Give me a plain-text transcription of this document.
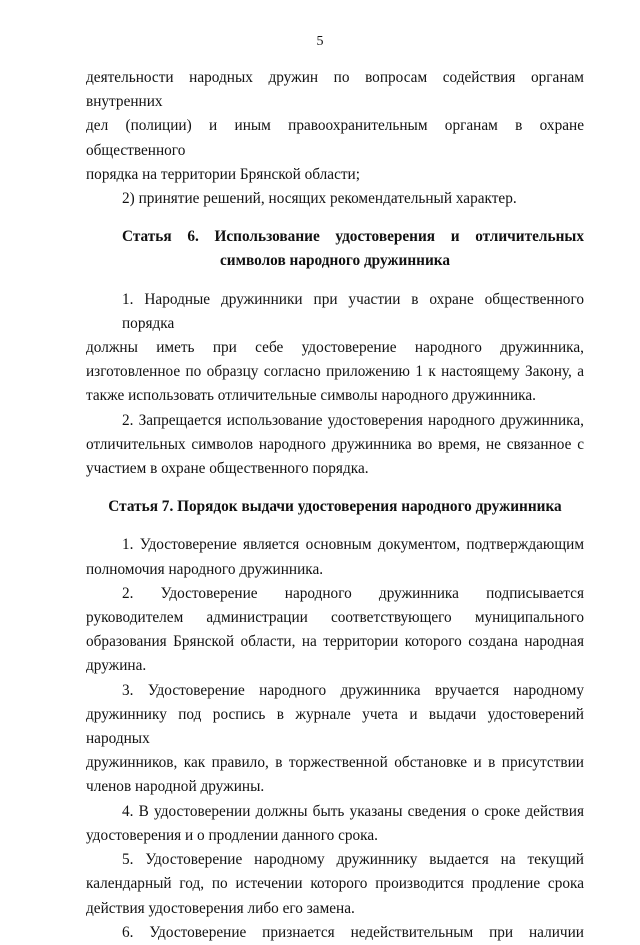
5
деятельности народных дружин по вопросам содействия органам внутренних
дел (полиции) и иным правоохранительным органам в охране общественного
порядка на территории Брянской области;
2) принятие решений, носящих рекомендательный характер.
Статья 6. Использование удостоверения и отличительных
символов народного дружинника
1. Народные дружинники при участии в охране общественного порядка
должны иметь при себе удостоверение народного дружинника,
изготовленное по образцу согласно приложению 1 к настоящему Закону, а
также использовать отличительные символы народного дружинника.
2. Запрещается использование удостоверения народного дружинника,
отличительных символов народного дружинника во время, не связанное с
участием в охране общественного порядка.
Статья 7. Порядок выдачи удостоверения народного дружинника
1. Удостоверение является основным документом, подтверждающим
полномочия народного дружинника.
2. Удостоверение народного дружинника подписывается
руководителем администрации соответствующего муниципального
образования Брянской области, на территории которого создана народная
дружина.
3. Удостоверение народного дружинника вручается народному
дружиннику под роспись в журнале учета и выдачи удостоверений народных
дружинников, как правило, в торжественной обстановке и в присутствии
членов народной дружины.
4. В удостоверении должны быть указаны сведения о сроке действия
удостоверения и о продлении данного срока.
5. Удостоверение народному дружиннику выдается на текущий
календарный год, по истечении которого производится продление срока
действия удостоверения либо его замена.
6. Удостоверение признается недействительным при наличии
